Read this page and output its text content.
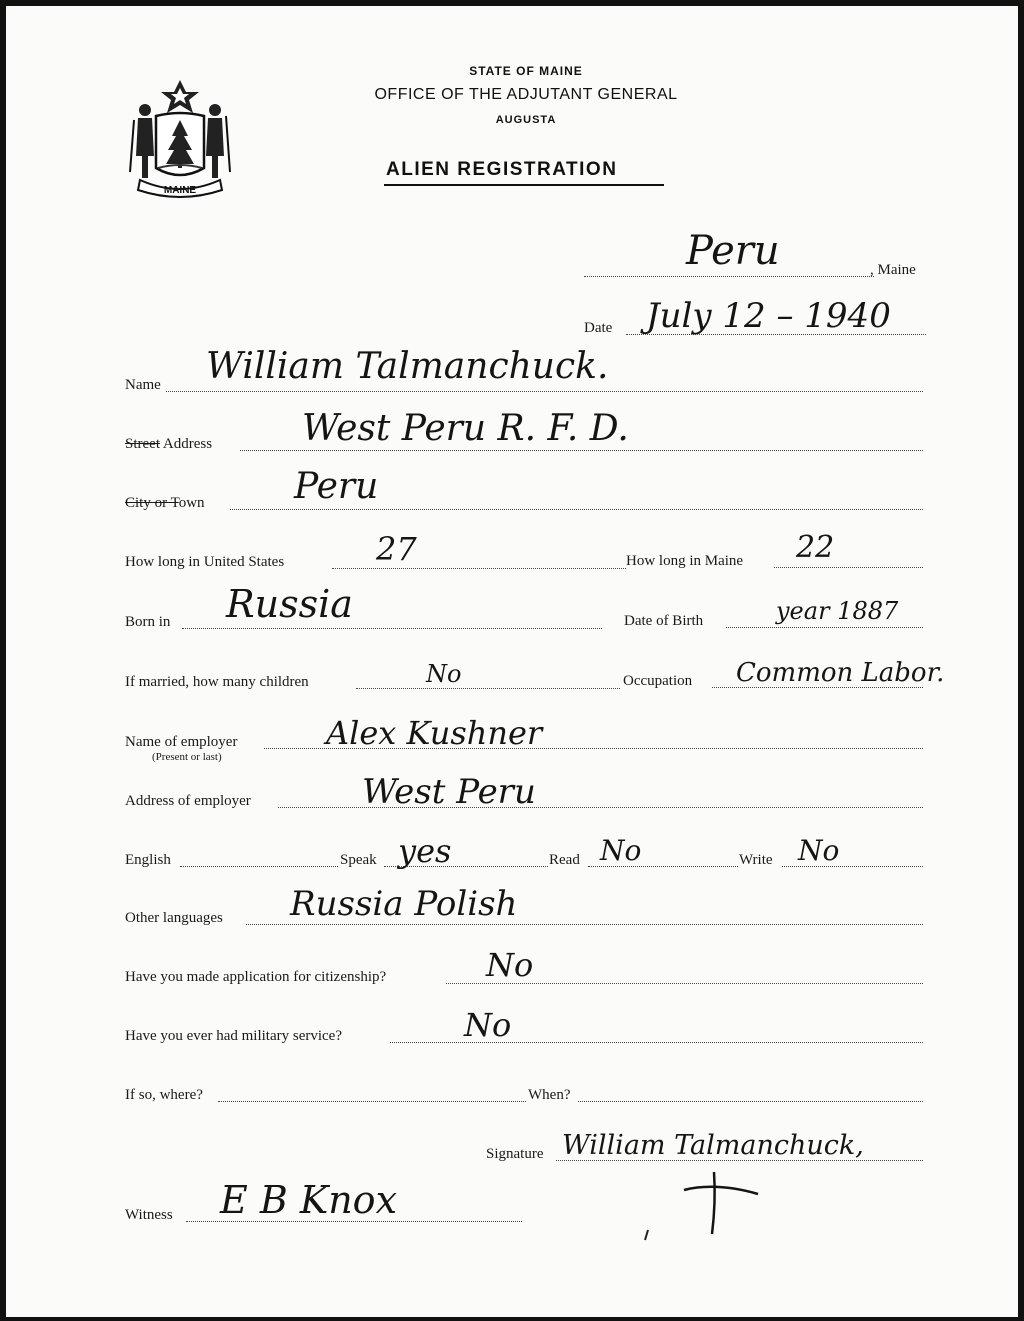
MAINE
STATE OF MAINE
OFFICE OF THE ADJUTANT GENERAL
AUGUSTA
ALIEN REGISTRATION
Peru	, Maine
Date July 12 – 1940
Name William Talmanchuck.
Street Address West Peru R. F. D.
City or Town Peru
How long in United States	27	How long in Maine 22
Born in Russia	Date of Birth	year 1887
If married, how many children	No	Occupation Common Labor.
Name of employer
(Present or last)
Alex Kushner
Address of employer	West Peru
English	Speak yes	Read No	Write No
Other languages Russia Polish
Have you made application for citizenship?	No
Have you ever had military service?	No
If so, where?	When?
Signature William Talmanchuck,
Witness E B Knox
